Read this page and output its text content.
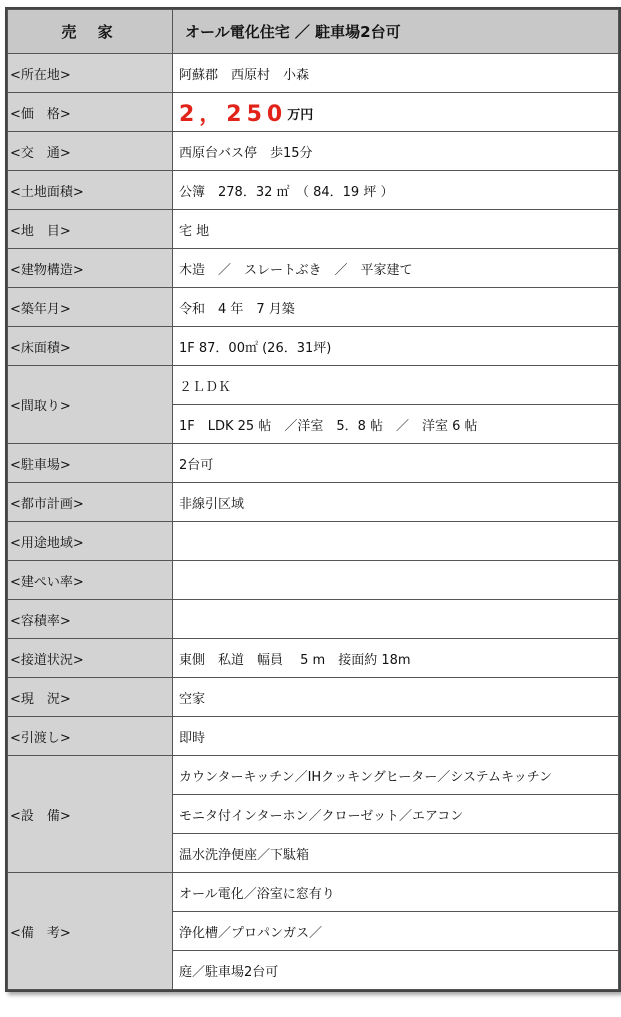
売 家	オール電化住宅 ／ 駐車場2台可
<所在地>	阿蘇郡　西原村　小森
<価　格>	2，250万円
<交　通>	西原台バス停　歩15分
<土地面積>	公簿　278．32 ㎡　（ 84．19 坪 ）
<地　目>	宅 地
<建物構造>	木造　／　スレートぶき　／　平家建て
<築年月>	令和　4 年　7 月築
<床面積>	1F 87．00㎡ (26．31坪)
<間取り>	２ＬＤＫ
	1F　LDK 25 帖　／洋室　5．8 帖　／　洋室 6 帖
<駐車場>	2台可
<都市計画>	非線引区域
<用途地域>	
<建ぺい率>	
<容積率>	
<接道状況>	東側　私道　幅員　 5 m　接面約 18m
<現　況>	空家
<引渡し>	即時
<設　備>	カウンターキッチン／IHクッキングヒーター／システムキッチン
	モニタ付インターホン／クローゼット／エアコン
	温水洗浄便座／下駄箱
<備　考>	オール電化／浴室に窓有り
	浄化槽／プロパンガス／
	庭／駐車場2台可
